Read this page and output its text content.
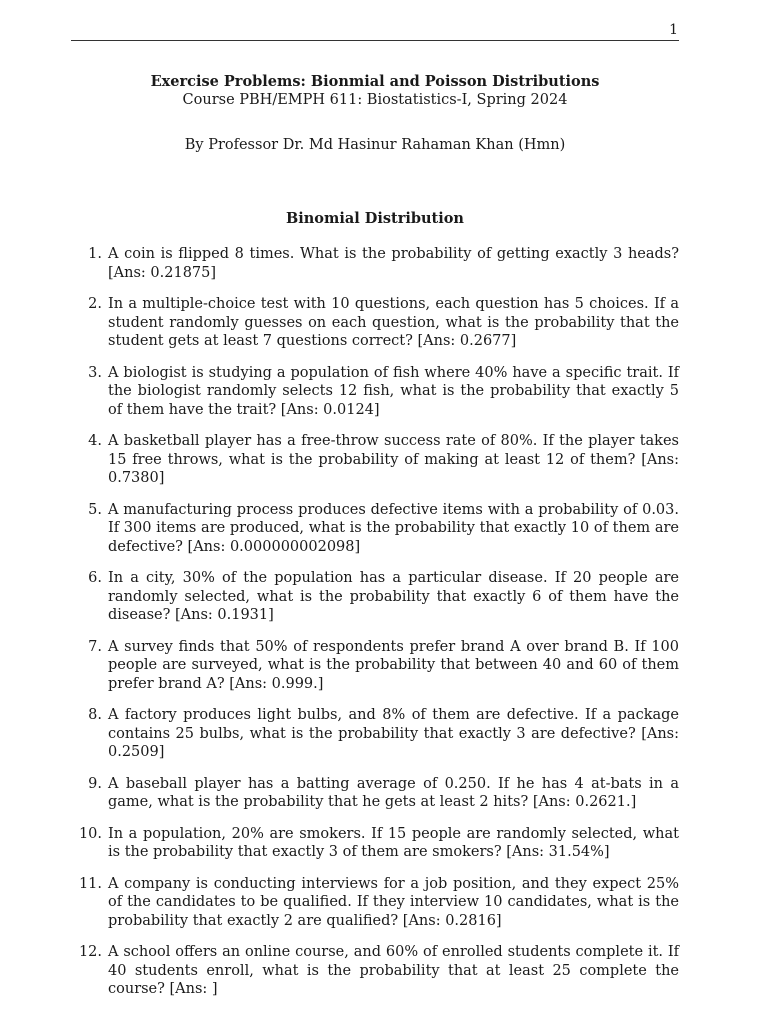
1
Exercise Problems: Bionmial and Poisson Distributions
Course PBH/EMPH 611: Biostatistics-I, Spring 2024
By Professor Dr. Md Hasinur Rahaman Khan (Hmn)
Binomial Distribution
1. A coin is flipped 8 times. What is the probability of getting exactly 3 heads? [Ans: 0.21875]
2. In a multiple-choice test with 10 questions, each question has 5 choices. If a student randomly guesses on each question, what is the probability that the student gets at least 7 questions correct? [Ans: 0.2677]
3. A biologist is studying a population of fish where 40% have a specific trait. If the biologist randomly selects 12 fish, what is the probability that exactly 5 of them have the trait? [Ans: 0.0124]
4. A basketball player has a free-throw success rate of 80%. If the player takes 15 free throws, what is the probability of making at least 12 of them? [Ans: 0.7380]
5. A manufacturing process produces defective items with a probability of 0.03. If 300 items are produced, what is the probability that exactly 10 of them are defective? [Ans: 0.000000002098]
6. In a city, 30% of the population has a particular disease. If 20 people are randomly selected, what is the probability that exactly 6 of them have the disease? [Ans: 0.1931]
7. A survey finds that 50% of respondents prefer brand A over brand B. If 100 people are surveyed, what is the probability that between 40 and 60 of them prefer brand A? [Ans: 0.999.]
8. A factory produces light bulbs, and 8% of them are defective. If a package contains 25 bulbs, what is the probability that exactly 3 are defective? [Ans: 0.2509]
9. A baseball player has a batting average of 0.250. If he has 4 at-bats in a game, what is the probability that he gets at least 2 hits? [Ans: 0.2621.]
10. In a population, 20% are smokers. If 15 people are randomly selected, what is the probability that exactly 3 of them are smokers? [Ans: 31.54%]
11. A company is conducting interviews for a job position, and they expect 25% of the candidates to be qualified. If they interview 10 candidates, what is the probability that exactly 2 are qualified? [Ans: 0.2816]
12. A school offers an online course, and 60% of enrolled students complete it. If 40 students enroll, what is the probability that at least 25 complete the course? [Ans: ]
